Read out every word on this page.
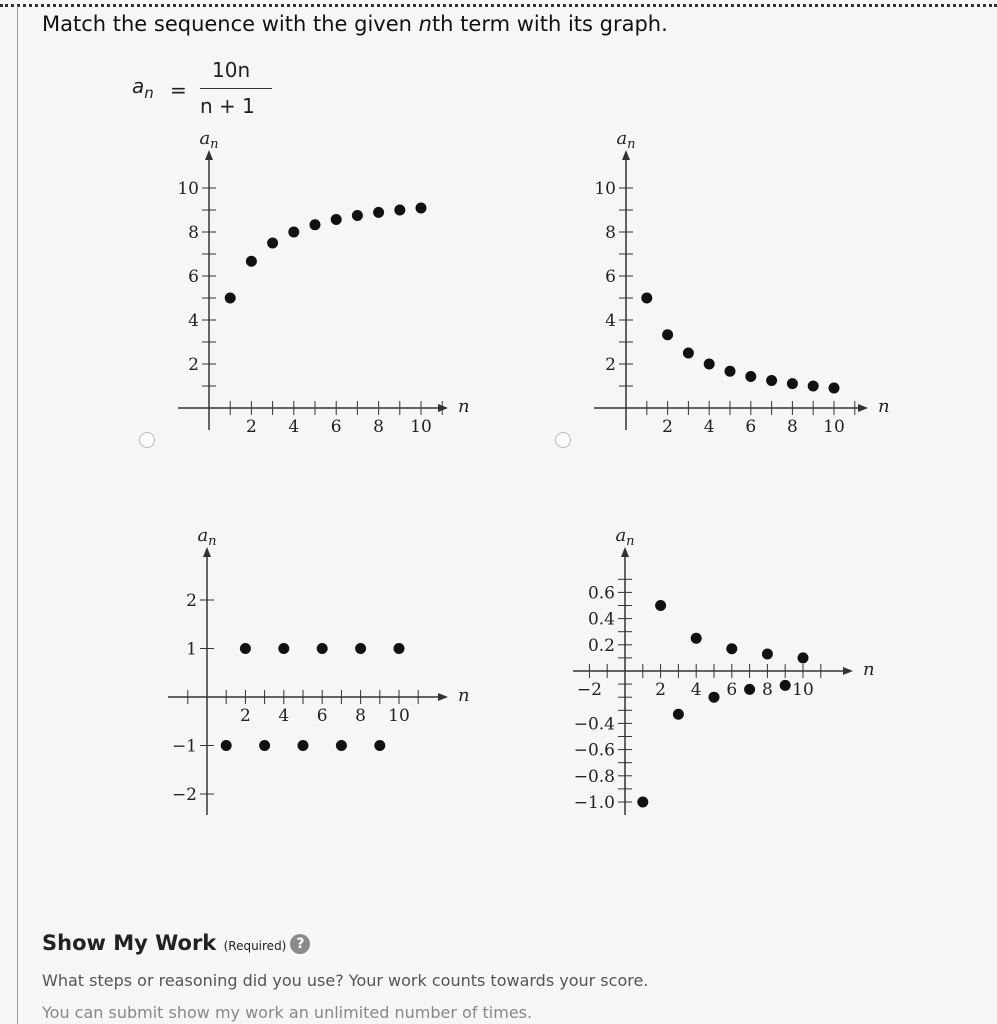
Match the sequence with the given nth term with its graph.
$a_n$ =
10n
n + 1
2 4 6 8 10
2
4
6
8
10
$a_n$
n
2 4 6 8 10
2
4
6
8
10
$a_n$
n
2 4 6 8 10
2
1
−1
−2
$a_n$
n	−2	2 4 6 8 10
0.6
0.4
0.2
−0.4
−0.6
−0.8
−1.0
$a_n$
n
Show My Work (Required) ?
What steps or reasoning did you use? Your work counts towards your score.
You can submit show my work an unlimited number of times.
